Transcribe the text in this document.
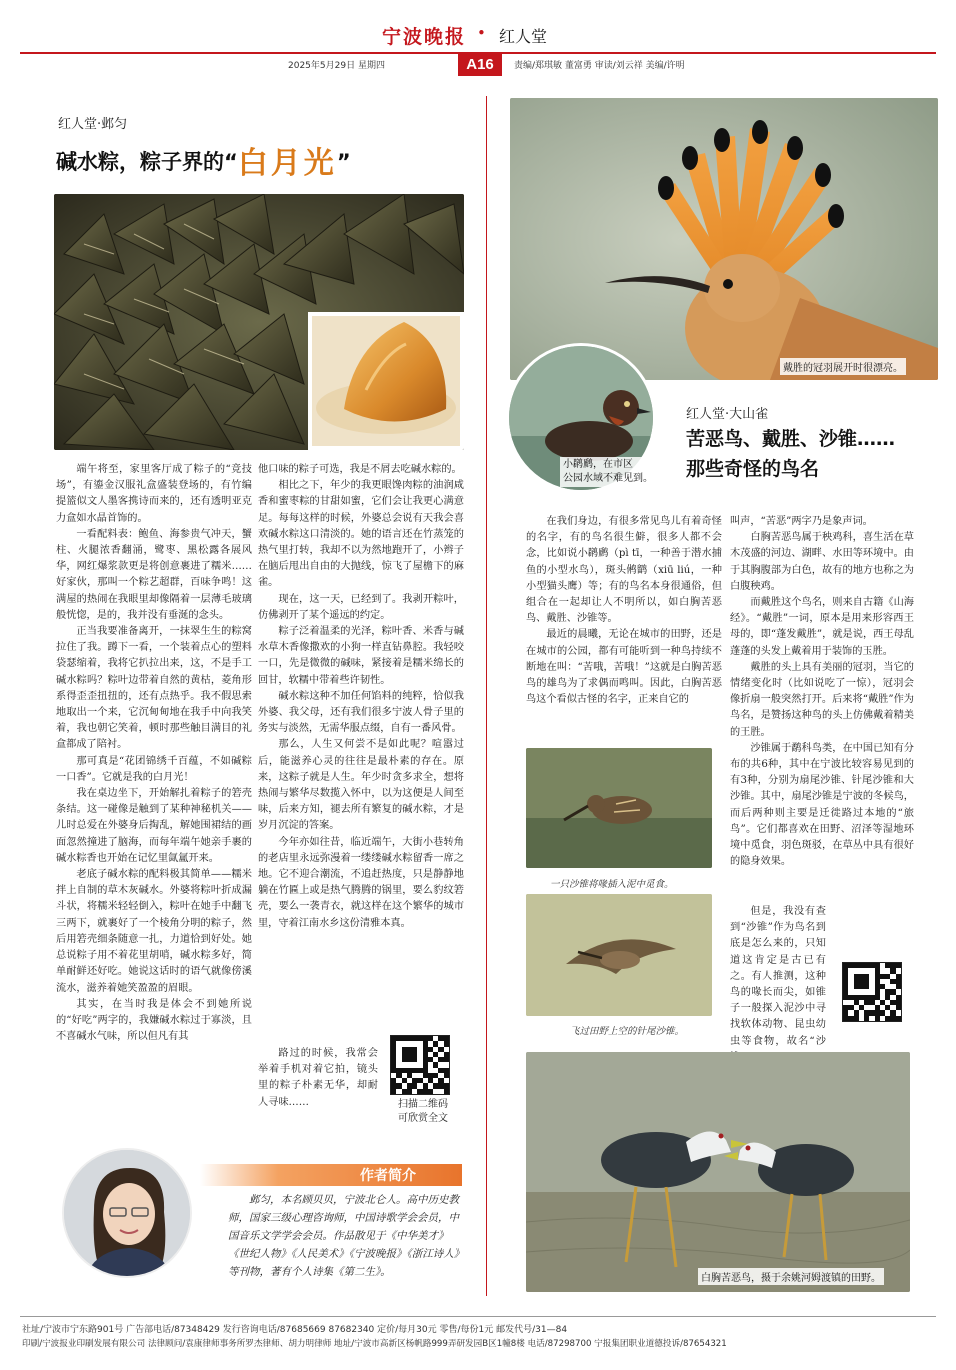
宁波晚报 • 红人堂
2025年5月29日 星期四	A16	责编/郑琪敏 董富勇 审读/刘云祥 美编/许明
红人堂·邺匀
碱水粽，粽子界的“白月光”

端午将至，家里客厅成了粽子的“竞技场”，有鎏金汉服礼盒盛装登场的，有竹编提篮似文人墨客携诗而来的，还有透明亚克力盒如水晶首饰的。

一看配料表：鲍鱼、海参贵气冲天，蟹柱、火腿浓香翻涌，鹭枣、黑松露各展风华，网红爆浆款更是将创意裹进了糯米……好家伙，那叫一个粽艺超群，百味争鸣！这满屋的热闹在我眼里却像隔着一层薄毛玻璃般恍惚，是的，我并没有垂涎的念头。

正当我要准备离开，一抹翠生生的粽窝拉住了我。蹲下一看，一个装着点心的塑料袋瑟缩着，我将它扒拉出来，这，不是手工碱水粽吗？粽叶边带着自然的黄枯，菱角形系得歪歪扭扭的，还有点热乎。我不假思索地取出一个来，它沉甸甸地在我手中向我笑着，我也朝它笑着，顿时那些触目满目的礼盒都成了陪衬。

那可真是“花团锦绣千百蕴，不如碱粽一口香”。它就是我的白月光！

我在桌边坐下，开始解扎着粽子的箬壳条结。这一碰像是触到了某种神秘机关——儿时总爱在外婆身后掏乱，解她围裙结的画面忽然撞进了脑海，而每年端午她亲手裹的碱水粽香也开始在记忆里氤氲开来。

老底子碱水粽的配料极其简单——糯米拌上自制的草木灰碱水。外婆将粽叶折成漏斗状，将糯米轻轻倒入，粽叶在她手中翻飞三两下，就裹好了一个棱角分明的粽子，然后用箬壳细条随意一扎，力道恰到好处。她总说粽子用不着花里胡哨，碱水粽多好，简单耐鲜还好吃。她说这话时的语气就像傍溪流水，滋养着她笑盈盈的眉眼。

其实，在当时我是体会不到她所说的“好吃”两字的，我嫌碱水粽过于寡淡，且不喜碱水气味，所以但凡有其

他口味的粽子可选，我是不屑去吃碱水粽的。

相比之下，年少的我更眼馋肉粽的油润咸香和蜜枣粽的甘甜如蜜，它们会让我更心满意足。每每这样的时候，外婆总会说有天我会喜欢碱水粽这口清淡的。她的语言还在竹蒸笼的热气里打转，我却不以为然地跑开了，小辫子在脑后甩出自由的大抛线，惊飞了屋檐下的麻雀。

现在，这一天，已经到了。我剥开粽叶，仿佛剥开了某个遥远的约定。

粽子泛着温柔的光泽，粽叶香、米香与碱水草木香像撒欢的小狗一样直钻鼻腔。我轻咬一口，先是微微的碱味，紧接着是糯米绵长的回甘，软糯中带着些许韧性。

碱水粽这种不加任何馅料的纯粹，恰似我外婆、我父母，还有我们很多宁波人骨子里的务实与淡然，无需华服点缀，自有一番风骨。

那么，人生又何尝不是如此呢？喧嚣过后，能滋养心灵的往往是最朴素的存在。原来，这粽子就是人生。年少时贪多求全，想将热闹与繁华尽数揽入怀中，以为这便是人间至味，后来方知，褪去所有繁复的碱水粽，才是岁月沉淀的答案。

今年亦如往昔，临近端午，大街小巷转角的老店里永远弥漫着一缕缕碱水粽留香一席之地。它不迎合潮流，不追赶热度，只是静静地躺在竹匾上或是热气腾腾的锅里，要么豹纹箬壳，要么一袭青衣，就这样在这个繁华的城市里，守着江南水乡这份清雅本真。

路过的时候，我常会举着手机对着它拍，镜头里的粽子朴素无华，却耐人寻味……	扫描二维码
可欣赏全文
作者简介
邺匀，本名顾贝贝，宁波北仑人。高中历史教师，国家三级心理咨询师，中国诗歌学会会员，中国音乐文学学会会员。作品散见于《中华美才》《世纪人物》《人民美术》《宁波晚报》《浙江诗人》等刊物，著有个人诗集《第二生》。
戴胜的冠羽展开时很漂亮。
小䴙䴘，在市区
公园水域不难见到。
红人堂·大山雀
苦恶鸟、戴胜、沙锥……
那些奇怪的鸟名

在我们身边，有很多常见鸟儿有着奇怪的名字，有的鸟名很生僻，很多人都不会念，比如说小䴙䴘（pì tī，一种善于潜水捕鱼的小型水鸟），斑头鸺鹠（xiū liú，一种小型猫头鹰）等；有的鸟名本身很通俗，但组合在一起却让人不明所以，如白胸苦恶鸟、戴胜、沙锥等。

最近的晨曦，无论在城市的田野，还是在城市的公园，都有可能听到一种鸟持续不断地在叫：“苦哦，苦哦！”这就是白胸苦恶鸟的雄鸟为了求偶而鸣叫。因此，白胸苦恶鸟这个看似古怪的名字，正来自它的

一只沙锥将喙插入泥中觅食。
飞过田野上空的针尾沙锥。

叫声，“苦恶”两字乃是象声词。

白胸苦恶鸟属于秧鸡科，喜生活在草木茂盛的河边、湖畔、水田等环境中。由于其胸腹部为白色，故有的地方也称之为白腹秧鸡。

而戴胜这个鸟名，则来自古籍《山海经》。“戴胜”一词，原本是用来形容西王母的，即“蓬发戴胜”，就是说，西王母乱蓬蓬的头发上戴着用于装饰的玉胜。

戴胜的头上具有美丽的冠羽，当它的情绪变化时（比如说吃了一惊），冠羽会像折扇一般突然打开。后来将“戴胜”作为鸟名，是赞扬这种鸟的头上仿佛戴着精美的王胜。

沙锥属于鹬科鸟类，在中国已知有分布的共6种，其中在宁波比较容易见到的有3种，分别为扇尾沙锥、针尾沙锥和大沙锥。其中，扇尾沙锥是宁波的冬候鸟，而后两种则主要是迁徙路过本地的“旅鸟”。它们都喜欢在田野、沼泽等湿地环境中觅食，羽色斑驳，在草丛中具有很好的隐身效果。

但是，我没有查到“沙锥”作为鸟名到底是怎么来的，只知道这肯定是古已有之。有人推测，这种鸟的喙长而尖，如锥子一般探入泥沙中寻找软体动物、昆虫幼虫等食物，故名“沙

白胸苦恶鸟，摄于余姚河姆渡镇的田野。
社址/宁波市宁东路901号 广告部电话/87348429 发行咨询电话/87685669 87682340 定价/每月30元 零售/每份1元 邮发代号/31—84
印刷/宁波报业印刷发展有限公司 法律顾问/袁康律师事务所罗杰律师、胡力明律师 地址/宁波市高新区杨帆路999弄研发园B区1幢8楼 电话/87298700 宁报集团职业道德投诉/87654321
